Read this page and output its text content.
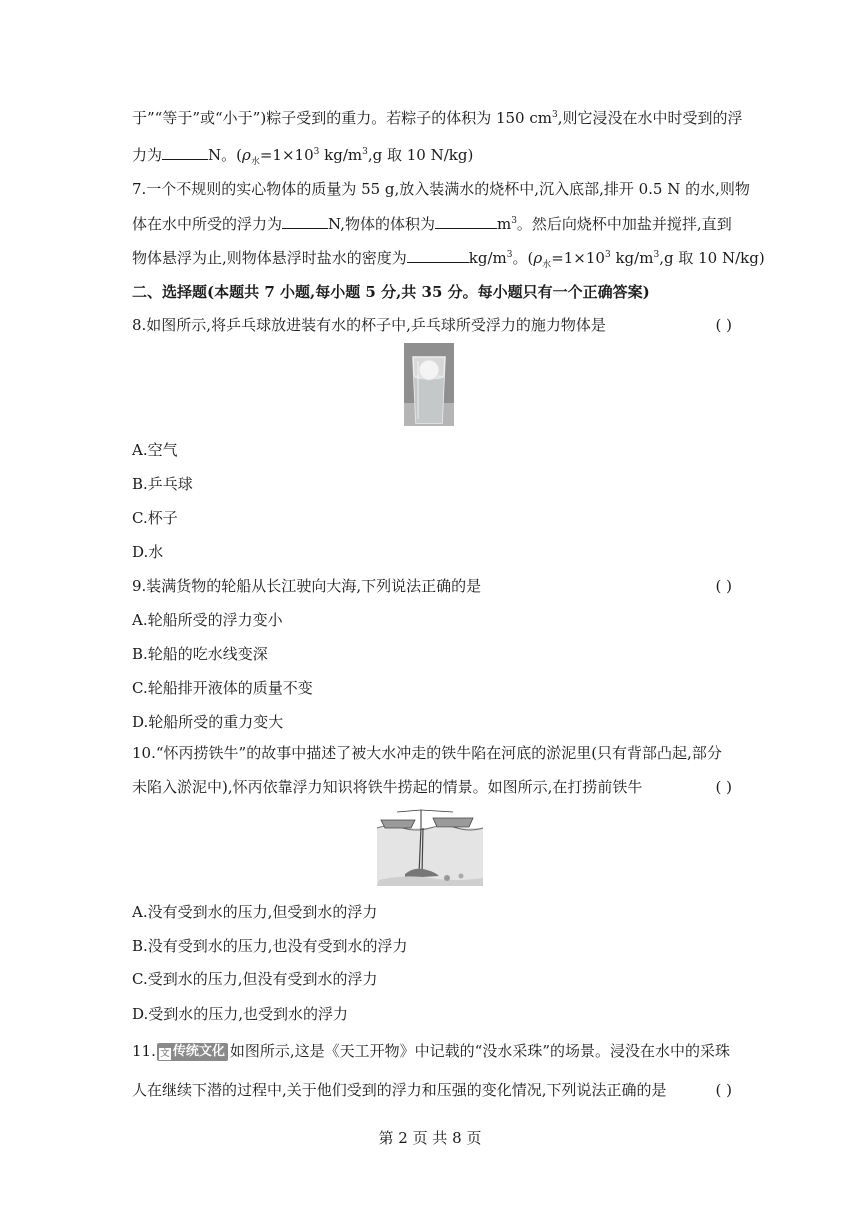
于”“等于”或“小于”)粽子受到的重力。若粽子的体积为 150 $cm^3$,则它浸没在水中时受到的浮
力为	N。($\rho_水=1\times 10^3$ $kg/m^3,g$ 取 10 N/kg)
7.一个不规则的实心物体的质量为 55 g,放入装满水的烧杯中,沉入底部,排开 0.5 N 的水,则物
体在水中所受的浮力为	N,物体的体积为	$m^3$。然后向烧杯中加盐并搅拌,直到
物体悬浮为止,则物体悬浮时盐水的密度为	$kg/m^3$。($\rho_水=1\times 10^3$ $kg/m^3,g$ 取 10 N/kg)
二、选择题(本题共 7 小题,每小题 5 分,共 35 分。每小题只有一个正确答案)
8.如图所示,将乒乓球放进装有水的杯子中,乒乓球所受浮力的施力物体是	( )
A.空气
B.乒乓球
C.杯子
D.水
9.装满货物的轮船从长江驶向大海,下列说法正确的是	( )
A.轮船所受的浮力变小
B.轮船的吃水线变深
C.轮船排开液体的质量不变
D.轮船所受的重力变大
10.“怀丙捞铁牛”的故事中描述了被大水冲走的铁牛陷在河底的淤泥里(只有背部凸起,部分
未陷入淤泥中),怀丙依靠浮力知识将铁牛捞起的情景。如图所示,在打捞前铁牛	( )
A.没有受到水的压力,但受到水的浮力
B.没有受到水的压力,也没有受到水的浮力
C.受到水的压力,但没有受到水的浮力
D.受到水的压力,也受到水的浮力
11. 文 传统文化 如图所示,这是《天工开物》中记载的“没水采珠”的场景。浸没在水中的采珠
人在继续下潜的过程中,关于他们受到的浮力和压强的变化情况,下列说法正确的是	( )
第 2 页 共 8 页
